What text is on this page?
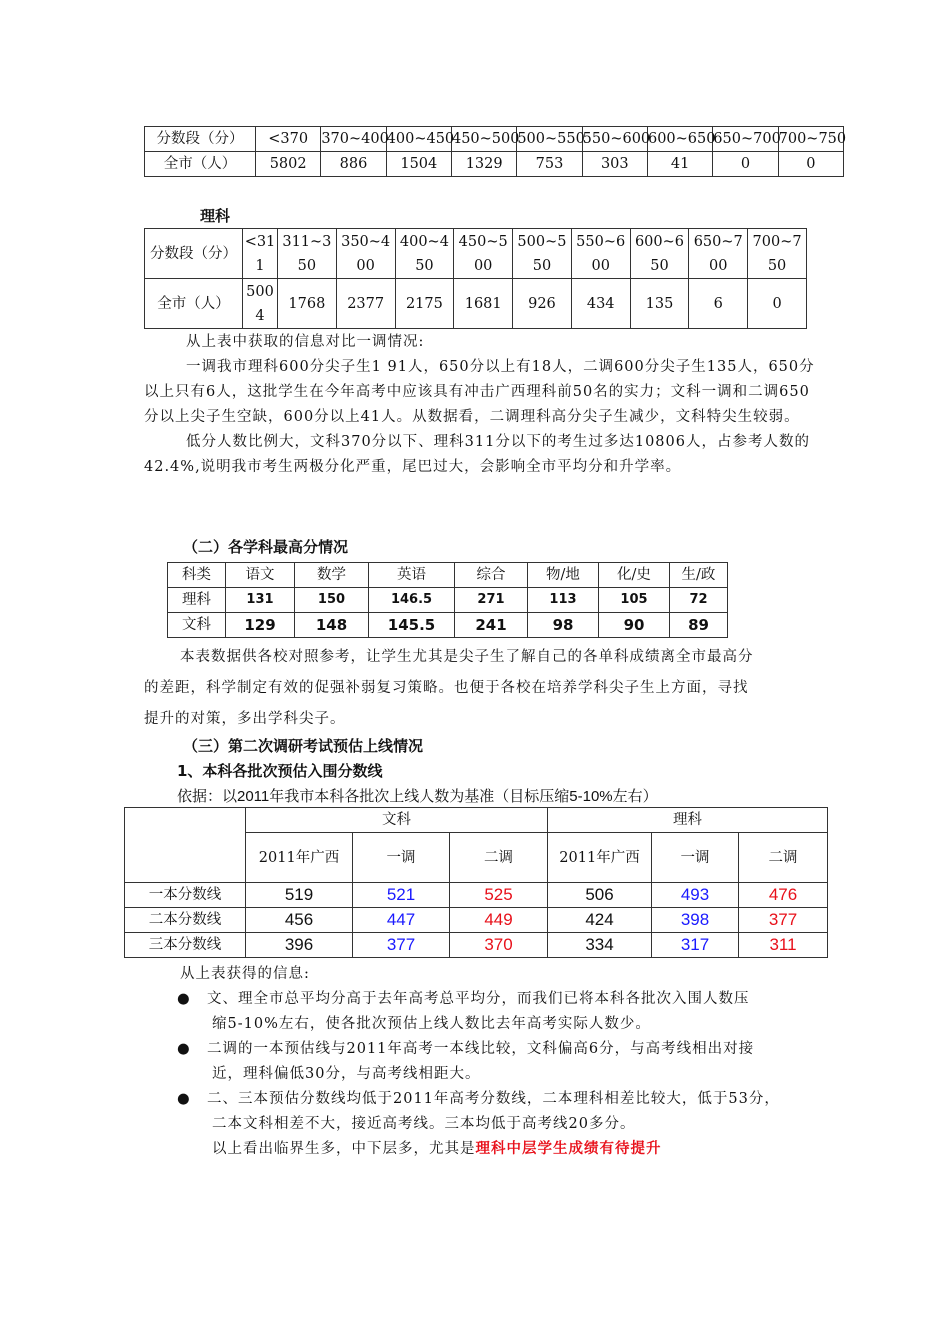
分数段（分）	<370	370~400	400~450	450~500	500~550	550~600	600~650	650~700	700~750
全市（人）	5802	886	1504	1329	753	303	41	0	0
理科
分数段（分）	<311	311~350	350~400	400~450	450~500	500~550	550~600	600~650	650~700	700~750
全市（人）	5004	1768	2377	2175	1681	926	434	135	6	0

从上表中获取的信息对比一调情况:

一调我市理科600分尖子生1 91人，650分以上有18人，二调600分尖子生135人，650分以上只有6人，这批学生在今年高考中应该具有冲击广西理科前50名的实力；文科一调和二调650分以上尖子生空缺，600分以上41人。从数据看，二调理科高分尖子生减少，文科特尖生较弱。

低分人数比例大，文科370分以下、理科311分以下的考生过多达10806人，占参考人数的42.4%,说明我市考生两极分化严重，尾巴过大，会影响全市平均分和升学率。

（二）各学科最高分情况
科类	语文	数学	英语	综合	物/地	化/史	生/政
理科	131	150	146.5	271	113	105	72
文科	129	148	145.5	241	98	90	89
本表数据供各校对照参考，让学生尤其是尖子生了解自己的各单科成绩离全市最高分
的差距，科学制定有效的促强补弱复习策略。也便于各校在培养学科尖子生上方面，寻找
提升的对策，多出学科尖子。
（三）第二次调研考试预估上线情况
1、本科各批次预估入围分数线
依据：以2011年我市本科各批次上线人数为基准（目标压缩5-10%左右）
	文科			理科		
	2011年广西	一调	二调	2011年广西	一调	二调
一本分数线	519	521	525	506	493	476
二本分数线	456	447	449	424	398	377
三本分数线	396	377	370	334	317	311
从上表获得的信息:
● 文、理全市总平均分高于去年高考总平均分，而我们已将本科各批次入围人数压
缩5-10%左右，使各批次预估上线人数比去年高考实际人数少。
● 二调的一本预估线与2011年高考一本线比较，文科偏高6分，与高考线相出对接
近，理科偏低30分，与高考线相距大。
● 二、三本预估分数线均低于2011年高考分数线，二本理科相差比较大，低于53分，
二本文科相差不大，接近高考线。三本均低于高考线20多分。
以上看出临界生多，中下层多，尤其是理科中层学生成绩有待提升
